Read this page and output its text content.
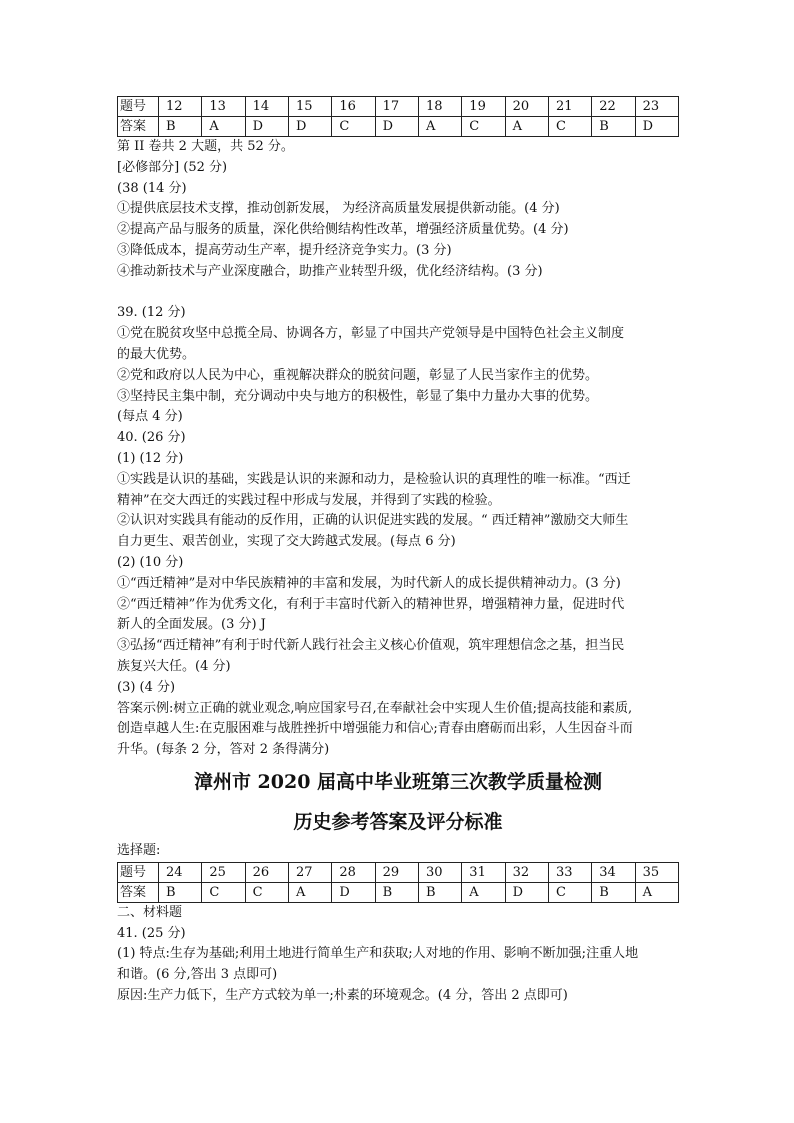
题号	12	13	14	15	16	17	18	19	20	21	22	23
答案	B	A	D	D	C	D	A	C	A	C	B	D
第 II 卷共 2 大题，共 52 分。
[必修部分] (52 分)
(38 (14 分)
①提供底层技术支撑，推动创新发展， 为经济高质量发展提供新动能。(4 分)
②提高产品与服务的质量，深化供给侧结构性改革，增强经济质量优势。(4 分)
③降低成本，提高劳动生产率，提升经济竞争实力。(3 分)
④推动新技术与产业深度融合，助推产业转型升级，优化经济结构。(3 分)
39. (12 分)
①党在脱贫攻坚中总揽全局、协调各方，彰显了中国共产党领导是中国特色社会主义制度
的最大优势。
②党和政府以人民为中心，重视解决群众的脱贫问题，彰显了人民当家作主的优势。
③坚持民主集中制，充分调动中央与地方的积极性，彰显了集中力量办大事的优势。
(每点 4 分)
40. (26 分)
(1) (12 分)
①实践是认识的基础，实践是认识的来源和动力，是检验认识的真理性的唯一标准。“西迁
精神”在交大西迁的实践过程中形成与发展，并得到了实践的检验。
②认识对实践具有能动的反作用，正确的认识促进实践的发展。“ 西迁精神”激励交大师生
自力更生、艰苦创业，实现了交大跨越式发展。(每点 6 分)
(2) (10 分)
①“西迁精神”是对中华民族精神的丰富和发展，为时代新人的成长提供精神动力。(3 分)
②“西迁精神”作为优秀文化，有利于丰富时代新入的精神世界，增强精神力量，促进时代
新人的全面发展。(3 分) J
③弘扬“西迁精神”有利于时代新人践行社会主义核心价值观，筑牢理想信念之基，担当民
族复兴大任。(4 分)
(3) (4 分)
答案示例:树立正确的就业观念,响应国家号召,在奉献社会中实现人生价值;提高技能和素质,
创造卓越人生:在克服困难与战胜挫折中增强能力和信心;青春由磨砺而出彩，人生因奋斗而
升华。(每条 2 分，答对 2 条得满分)
漳州市 2020 届高中毕业班第三次教学质量检测
历史参考答案及评分标准
选择题:
题号	24	25	26	27	28	29	30	31	32	33	34	35
答案	B	C	C	A	D	B	B	A	D	C	B	A
二、材料题
41. (25 分)
(1) 特点:生存为基础;利用土地进行简单生产和获取;人对地的作用、影响不断加强;注重人地
和谐。(6 分,答出 3 点即可)
原因:生产力低下，生产方式较为单一;朴素的环境观念。(4 分，答出 2 点即可)
